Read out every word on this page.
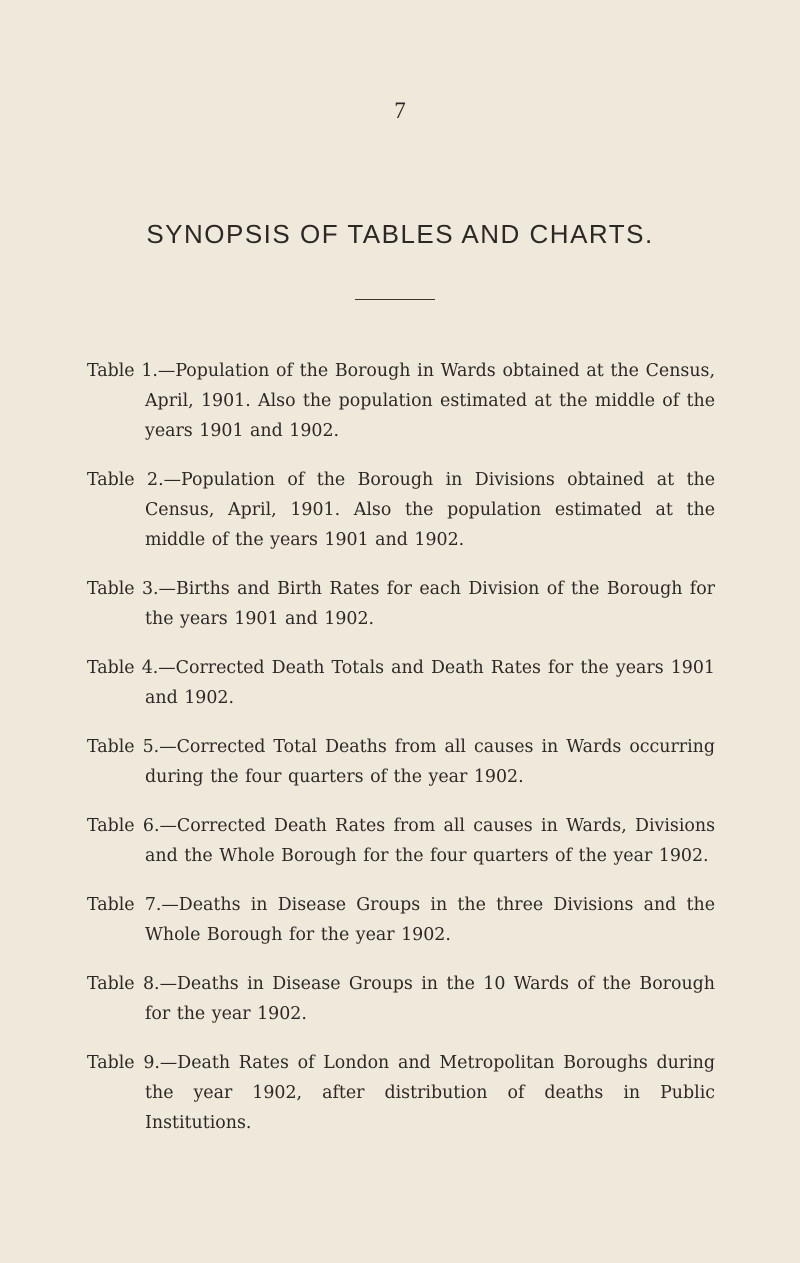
7
SYNOPSIS OF TABLES AND CHARTS.

Table 1.—Population of the Borough in Wards obtained at the Census, April, 1901. Also the population estimated at the middle of the years 1901 and 1902.

Table 2.—Population of the Borough in Divisions obtained at the Census, April, 1901. Also the population estimated at the middle of the years 1901 and 1902.

Table 3.—Births and Birth Rates for each Division of the Borough for the years 1901 and 1902.

Table 4.—Corrected Death Totals and Death Rates for the years 1901 and 1902.

Table 5.—Corrected Total Deaths from all causes in Wards occurring during the four quarters of the year 1902.

Table 6.—Corrected Death Rates from all causes in Wards, Divisions and the Whole Borough for the four quarters of the year 1902.

Table 7.—Deaths in Disease Groups in the three Divisions and the Whole Borough for the year 1902.

Table 8.—Deaths in Disease Groups in the 10 Wards of the Borough for the year 1902.

Table 9.—Death Rates of London and Metropolitan Boroughs during the year 1902, after distribution of deaths in Public Institutions.
